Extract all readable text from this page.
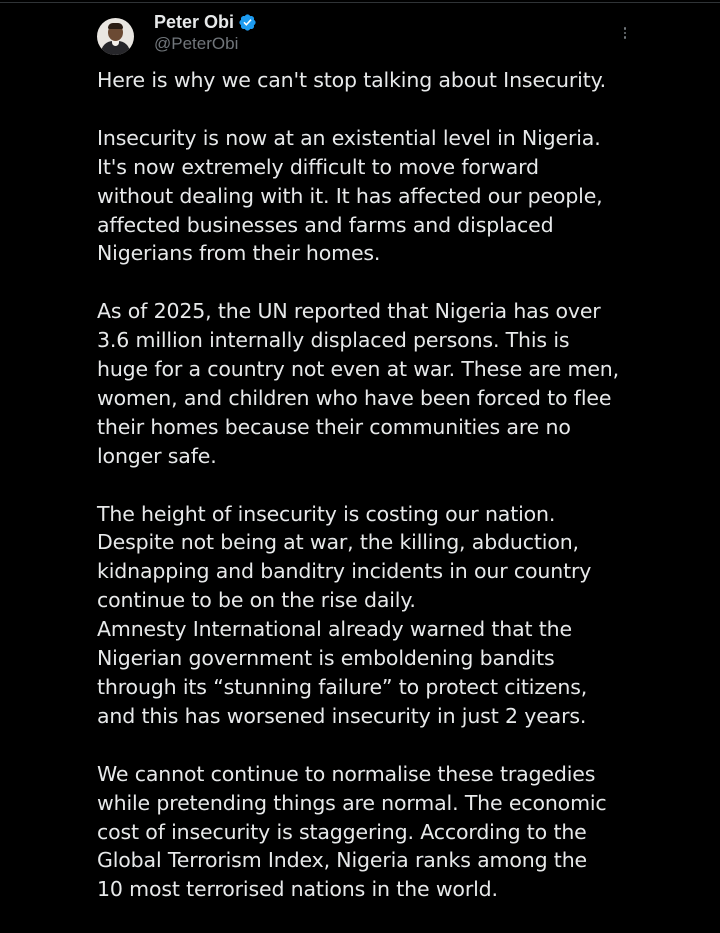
Peter Obi
@PeterObi

Here is why we can't stop talking about Insecurity.

Insecurity is now at an existential level in Nigeria.
It's now extremely difficult to move forward
without dealing with it. It has affected our people,
affected businesses and farms and displaced
Nigerians from their homes.

As of 2025, the UN reported that Nigeria has over
3.6 million internally displaced persons. This is
huge for a country not even at war. These are men,
women, and children who have been forced to flee
their homes because their communities are no
longer safe.

The height of insecurity is costing our nation.
Despite not being at war, the killing, abduction,
kidnapping and banditry incidents in our country
continue to be on the rise daily.
Amnesty International already warned that the
Nigerian government is emboldening bandits
through its “stunning failure” to protect citizens,
and this has worsened insecurity in just 2 years.

We cannot continue to normalise these tragedies
while pretending things are normal. The economic
cost of insecurity is staggering. According to the
Global Terrorism Index, Nigeria ranks among the
10 most terrorised nations in the world.
